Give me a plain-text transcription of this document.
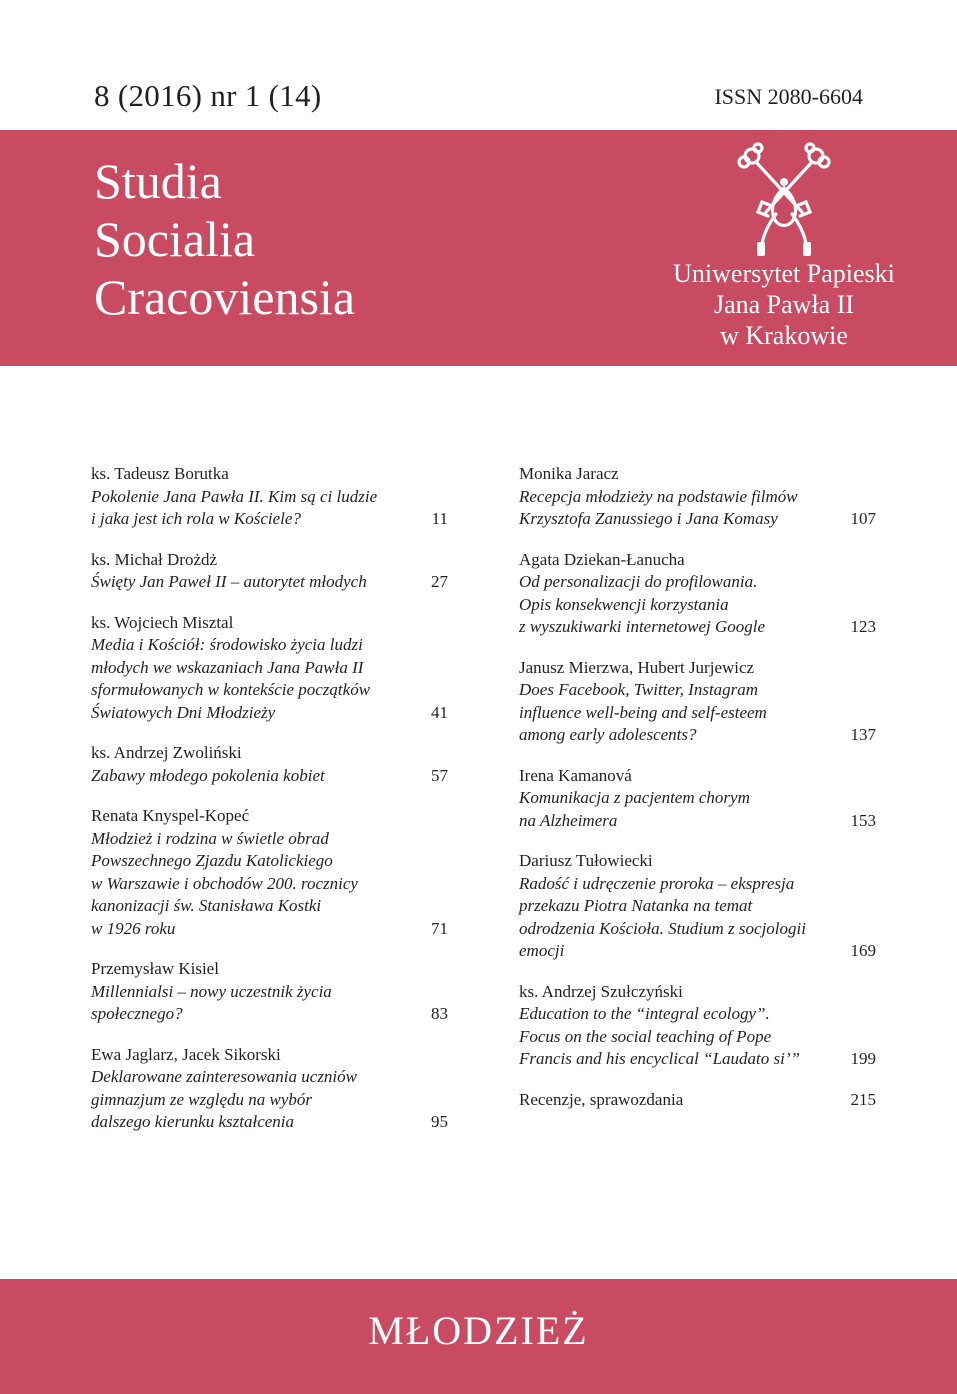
8 (2016) nr 1 (14)	ISSN 2080-6604
Studia
Socialia
Cracoviensia	Uniwersytet Papieski
Jana Pawła II
w Krakowie
ks. Tadeusz Borutka
Pokolenie Jana Pawła II. Kim są ci ludzie
i jaka jest ich rola w Kościele?	11
ks. Michał Drożdż
Święty Jan Paweł II – autorytet młodych	27
ks. Wojciech Misztal
Media i Kościół: środowisko życia ludzi
młodych we wskazaniach Jana Pawła II
sformułowanych w kontekście początków
Światowych Dni Młodzieży	41
ks. Andrzej Zwoliński
Zabawy młodego pokolenia kobiet	57
Renata Knyspel-Kopeć
Młodzież i rodzina w świetle obrad
Powszechnego Zjazdu Katolickiego
w Warszawie i obchodów 200. rocznicy
kanonizacji św. Stanisława Kostki
w 1926 roku	71
Przemysław Kisiel
Millennialsi – nowy uczestnik życia
społecznego?	83
Ewa Jaglarz, Jacek Sikorski
Deklarowane zainteresowania uczniów
gimnazjum ze względu na wybór
dalszego kierunku kształcenia	95
Monika Jaracz
Recepcja młodzieży na podstawie filmów
Krzysztofa Zanussiego i Jana Komasy	107
Agata Dziekan-Łanucha
Od personalizacji do profilowania.
Opis konsekwencji korzystania
z wyszukiwarki internetowej Google	123
Janusz Mierzwa, Hubert Jurjewicz
Does Facebook, Twitter, Instagram
influence well-being and self-esteem
among early adolescents?	137
Irena Kamanová
Komunikacja z pacjentem chorym
na Alzheimera	153
Dariusz Tułowiecki
Radość i udręczenie proroka – ekspresja
przekazu Piotra Natanka na temat
odrodzenia Kościoła. Studium z socjologii
emocji	169
ks. Andrzej Szułczyński
Education to the “integral ecology”.
Focus on the social teaching of Pope
Francis and his encyclical “Laudato si’”	199
Recenzje, sprawozdania	215
MŁODZIEŻ
